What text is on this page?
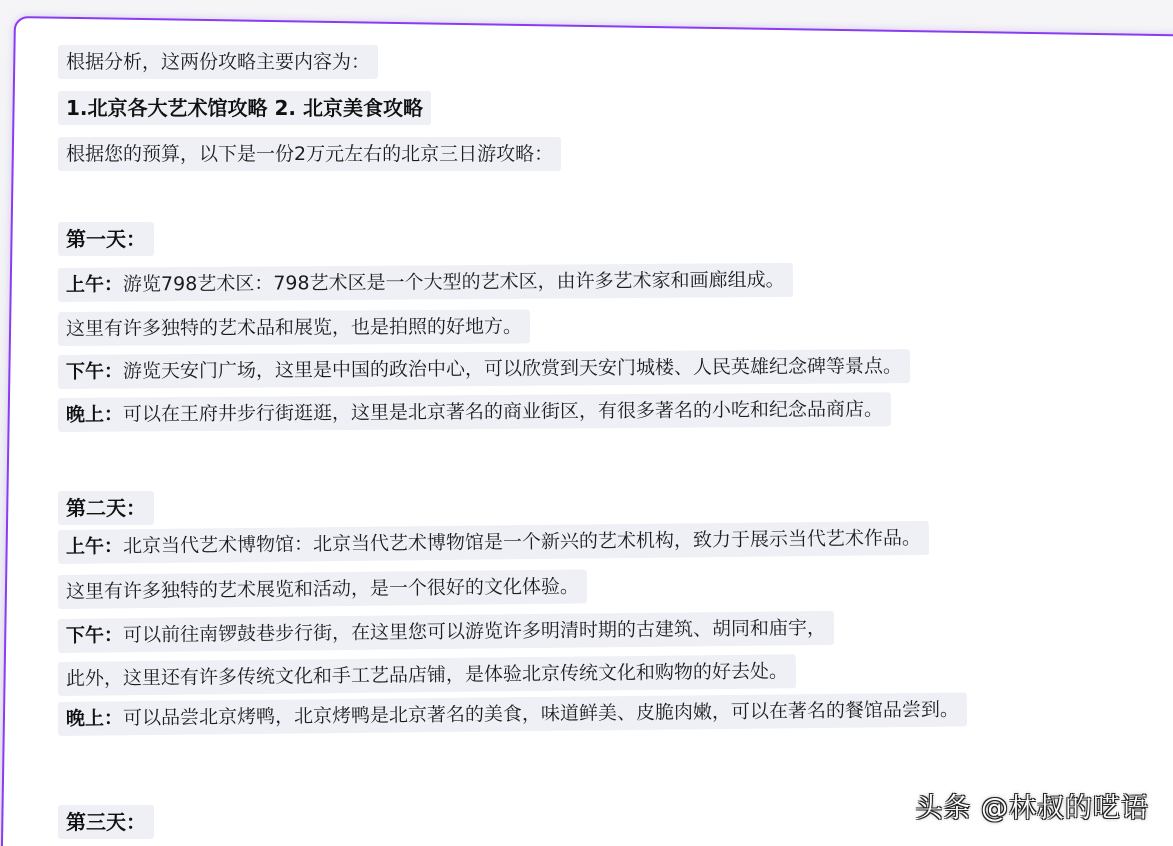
根据分析，这两份攻略主要内容为：
1.北京各大艺术馆攻略 2. 北京美食攻略
根据您的预算，以下是一份2万元左右的北京三日游攻略：
第一天：
上午：游览798艺术区：798艺术区是一个大型的艺术区，由许多艺术家和画廊组成。
这里有许多独特的艺术品和展览，也是拍照的好地方。
下午：游览天安门广场，这里是中国的政治中心，可以欣赏到天安门城楼、人民英雄纪念碑等景点。
晚上：可以在王府井步行街逛逛，这里是北京著名的商业街区，有很多著名的小吃和纪念品商店。
第二天：
上午：北京当代艺术博物馆：北京当代艺术博物馆是一个新兴的艺术机构，致力于展示当代艺术作品。
这里有许多独特的艺术展览和活动，是一个很好的文化体验。
下午：可以前往南锣鼓巷步行街，在这里您可以游览许多明清时期的古建筑、胡同和庙宇，
此外，这里还有许多传统文化和手工艺品店铺，是体验北京传统文化和购物的好去处。
晚上：可以品尝北京烤鸭，北京烤鸭是北京著名的美食，味道鲜美、皮脆肉嫩，可以在著名的餐馆品尝到。
第三天：	头条 @林叔的呓语
